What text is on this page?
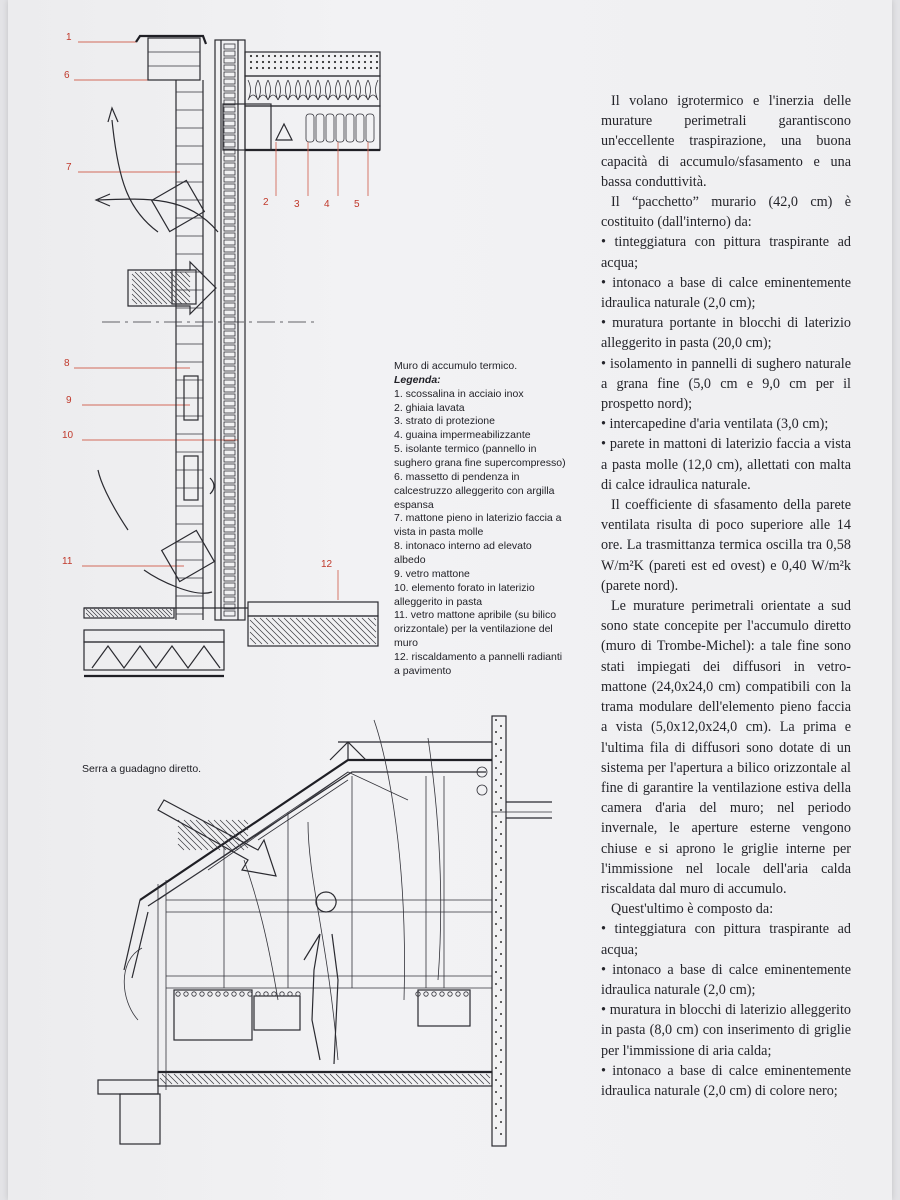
1
6
7
8
9
10
11
2	3 4 5
12
Muro di accumulo termico.
Legenda:
1. scossalina in acciaio inox
2. ghiaia lavata
3. strato di protezione
4. guaina impermeabilizzante
5. isolante termico (pannello in sughero grana fine supercompresso)
6. massetto di pendenza in calcestruzzo alleggerito con argilla espansa
7. mattone pieno in laterizio faccia a vista in pasta molle
8. intonaco interno ad elevato albedo
9. vetro mattone
10. elemento forato in laterizio alleggerito in pasta
11. vetro mattone apribile (su bilico orizzontale) per la ventilazione del muro
12. riscaldamento a pannelli radianti a pavimento
Serra a guadagno diretto.

Il volano igrotermico e l'inerzia delle murature perimetrali garantiscono un'eccellente traspirazione, una buona capacità di accumulo/sfasamento e una bassa conduttività.

Il “pacchetto” murario (42,0 cm) è costituito (dall'interno) da:

• tinteggiatura con pittura traspirante ad acqua;

• intonaco a base di calce eminentemente idraulica naturale (2,0 cm);

• muratura portante in blocchi di laterizio alleggerito in pasta (20,0 cm);

• isolamento in pannelli di sughero naturale a grana fine (5,0 cm e 9,0 cm per il prospetto nord);

• intercapedine d'aria ventilata (3,0 cm);

• parete in mattoni di laterizio faccia a vista a pasta molle (12,0 cm), allettati con malta di calce idraulica naturale.

Il coefficiente di sfasamento della parete ventilata risulta di poco superiore alle 14 ore. La trasmittanza termica oscilla tra 0,58 W/m²K (pareti est ed ovest) e 0,40 W/m²k (parete nord).

Le murature perimetrali orientate a sud sono state concepite per l'accumulo diretto (muro di Trombe-Michel): a tale fine sono stati impiegati dei diffusori in vetro-mattone (24,0x24,0 cm) compatibili con la trama modulare dell'elemento pieno faccia a vista (5,0x12,0x24,0 cm). La prima e l'ultima fila di diffusori sono dotate di un sistema per l'apertura a bilico orizzontale al fine di garantire la ventilazione estiva della camera d'aria del muro; nel periodo invernale, le aperture esterne vengono chiuse e si aprono le griglie interne per l'immissione nel locale dell'aria calda riscaldata dal muro di accumulo.

Quest'ultimo è composto da:

• tinteggiatura con pittura traspirante ad acqua;

• intonaco a base di calce eminentemente idraulica naturale (2,0 cm);

• muratura in blocchi di laterizio alleggerito in pasta (8,0 cm) con inserimento di griglie per l'immissione di aria calda;

• intonaco a base di calce eminentemente idraulica naturale (2,0 cm) di colore nero;
